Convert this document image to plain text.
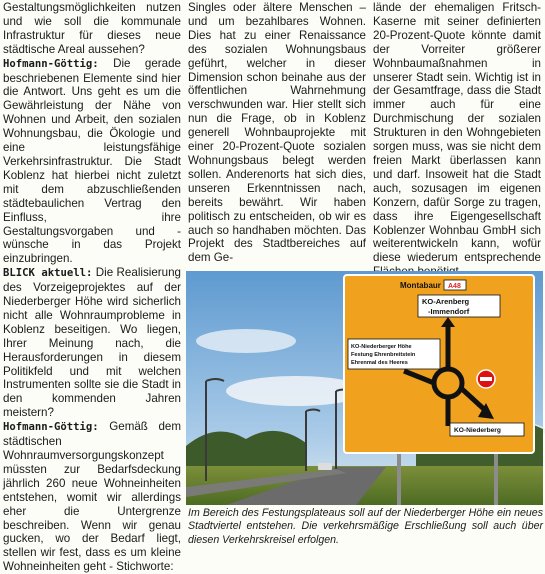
Gestaltungsmöglichkeiten nutzen und wie soll die kommunale Infrastruktur für dieses neue städtische Areal aussehen?

Hofmann-Göttig: Die gerade beschriebenen Elemente sind hier die Antwort. Uns geht es um die Gewährleistung der Nähe von Wohnen und Arbeit, den sozialen Wohnungsbau, die Ökologie und eine leistungsfähige Verkehrsinfrastruktur. Die Stadt Koblenz hat hierbei nicht zuletzt mit dem abzuschließenden städtebaulichen Vertrag den Einfluss, ihre Gestaltungsvorgaben und -wünsche in das Projekt einzubringen.

BLICK aktuell: Die Realisierung des Vorzeigeprojektes auf der Niederberger Höhe wird sicherlich nicht alle Wohnraumprobleme in Koblenz beseitigen. Wo liegen, Ihrer Meinung nach, die Herausforderungen in diesem Politikfeld und mit welchen Instrumenten sollte sie die Stadt in den kommenden Jahren meistern?

Hofmann-Göttig: Gemäß dem städtischen Wohnraumversorgungskonzept müssten zur Bedarfsdeckung jährlich 260 neue Wohneinheiten entstehen, womit wir allerdings eher die Untergrenze beschreiben. Wenn wir genau gucken, wo der Bedarf liegt, stellen wir fest, dass es um kleine Wohneinheiten geht - Stichworte:

Singles oder ältere Menschen – und um bezahlbares Wohnen. Dies hat zu einer Renaissance des sozialen Wohnungsbaus geführt, welcher in dieser Dimension schon beinahe aus der öffentlichen Wahrnehmung verschwunden war. Hier stellt sich nun die Frage, ob in Koblenz generell Wohnbauprojekte mit einer 20-Prozent-Quote sozialen Wohnungsbaus belegt werden sollen. Anderenorts hat sich dies, unseren Erkenntnissen nach, bereits bewährt. Wir haben politisch zu entscheiden, ob wir es auch so handhaben möchten. Das Projekt des Stadtbereiches auf dem Ge-

lände der ehemaligen Fritsch-Kaserne mit seiner definierten 20-Prozent-Quote könnte damit der Vorreiter größerer Wohnbaumaßnahmen in unserer Stadt sein. Wichtig ist in der Gesamtfrage, dass die Stadt immer auch für eine Durchmischung der sozialen Strukturen in den Wohngebieten sorgen muss, was sie nicht dem freien Markt überlassen kann und darf. Insoweit hat die Stadt auch, sozusagen im eigenen Konzern, dafür Sorge zu tragen, dass ihre Eigengesellschaft Koblenzer Wohnbau GmbH sich weiterentwickeln kann, wofür diese wiederum entsprechende

Montabaur A48
KO-Arenberg
-Immendorf
KO-Niederberger Höhe
Festung Ehrenbreitstein
Ehrenmal des Heeres
KO-Niederberg
Im Bereich des Festungsplateaus soll auf der Niederberger Höhe ein neues Stadtviertel entstehen. Die verkehrsmäßige Erschließung soll auch über diesen Verkehrskreisel erfolgen.
